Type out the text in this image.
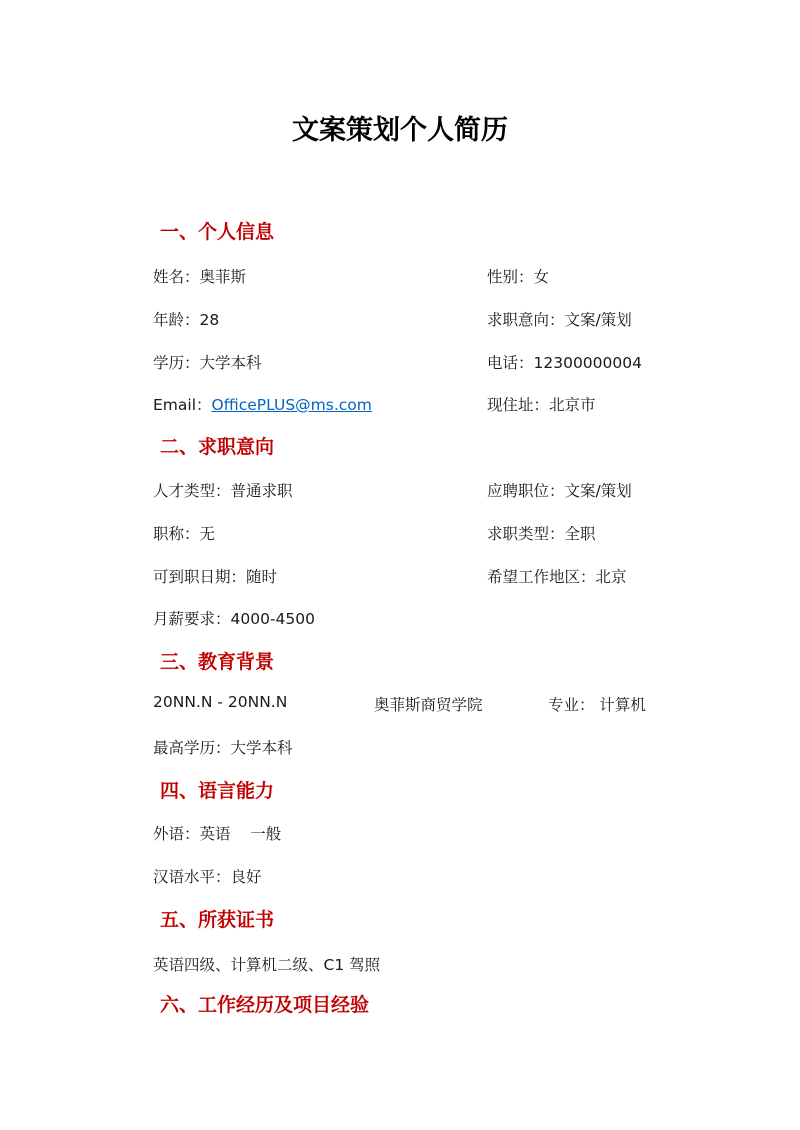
文案策划个人简历
一、个人信息
姓名：奥菲斯	性别：女
年龄：28	求职意向：文案/策划
学历：大学本科	电话：12300000004
Email：OfficePLUS@ms.com	现住址：北京市
二、求职意向
人才类型：普通求职	应聘职位：文案/策划
职称：无	求职类型：全职
可到职日期：随时	希望工作地区：北京
月薪要求：4000-4500
三、教育背景
20NN.N - 20NN.N	奥菲斯商贸学院	专业： 计算机
最高学历：大学本科
四、语言能力
外语：英语    一般
汉语水平：良好
五、所获证书
英语四级、计算机二级、C1 驾照
六、工作经历及项目经验
